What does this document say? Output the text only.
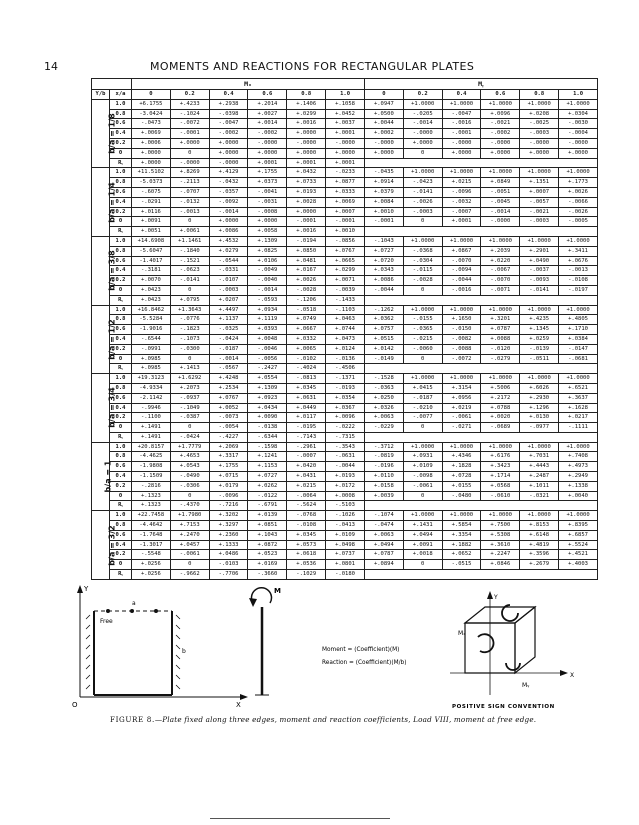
14	MOMENTS AND REACTIONS FOR RECTANGULAR PLATES
		Mₓ						Mᵧ					
Y/b	x/a	0	0.2	0.4	0.6	0.8	1.0	0	0.2	0.4	0.6	0.8	1.0
b/a = 1/8	1.0	+6.1755	+.4233	+.2938	+.2014	+.1406	+.1058	+.0947	+1.0000	+1.0000	+1.0000	+1.0000	+1.0000
	0.8	-3.0424	-.1024	-.0398	+.0027	+.0299	+.0452	+.0500	-.0205	-.0047	+.0096	+.0208	+.0304
	0.6	-.0473	-.0072	-.0047	+.0014	+.0016	+.0037	+.0044	-.0014	-.0016	-.0021	-.0025	-.0030
	0.4	+.0069	-.0001	-.0002	-.0002	+.0000	+.0001	+.0002	-.0000	-.0001	-.0002	-.0003	-.0004
	0.2	+.0006	+.0000	+.0000	-.0000	-.0000	-.0000	-.0000	+.0000	-.0000	-.0000	-.0000	-.0000
	0	+.0000	0	+.0000	+.0000	+.0000	+.0000	+.0000	0	+.0000	+.0000	+.0000	+.0000
	Rᵧ	+.0000	-.0000	-.0000	+.0001	+.0001	+.0001						
b/a = 1/4	1.0	+11.5102	+.8269	+.4129	+.1755	+.0432	-.0233	-.0435	+1.0000	+1.0000	+1.0000	+1.0000	+1.0000
	0.8	-5.0373	-.2113	-.0432	+.0373	+.0733	+.0877	+.0914	-.0423	+.0215	+.0849	+.1351	+.1773
	0.6	-.6075	-.0707	-.0357	-.0041	+.0193	+.0333	+.0379	-.0141	-.0096	-.0051	+.0007	+.0026
	0.4	-.0291	-.0132	-.0092	-.0031	+.0028	+.0069	+.0084	-.0026	-.0032	-.0045	-.0057	-.0066
	0.2	+.0116	-.0013	-.0014	-.0008	+.0000	+.0007	+.0010	-.0003	-.0007	-.0014	-.0021	-.0026
	0	+.0091	0	+.0000	+.0000	-.0001	-.0001	-.0001	0	+.0001	-.0000	-.0003	-.0005
	Rᵧ	+.0051	+.0061	+.0086	+.0058	+.0016	+.0010						
b/a = 3/8	1.0	+14.6908	+1.1461	+.4532	+.1309	-.0194	-.0856	-.1043	+1.0000	+1.0000	+1.0000	+1.0000	+1.0000
	0.8	-5.6047	-.1840	+.0279	+.0825	+.0850	+.0767	+.0727	-.0368	+.0867	+.2039	+.2901	+.3411
	0.6	-1.4017	-.1521	-.0544	+.0106	+.0481	+.0665	+.0720	-.0304	-.0070	+.0220	+.0490	+.0676
	0.4	-.3181	-.0623	-.0331	-.0049	+.0167	+.0299	+.0343	-.0115	-.0094	-.0067	-.0037	-.0013
	0.2	+.0070	-.0141	-.0107	-.0040	+.0026	+.0071	+.0086	-.0028	-.0044	-.0070	-.0093	-.0108
	0	+.0423	0	-.0003	-.0014	-.0028	-.0039	-.0044	0	-.0016	-.0071	-.0141	-.0197
	Rᵧ	+.0423	+.0795	+.0207	-.0593	-.1206	-.1433						
b/a = 1/2	1.0	+16.8462	+1.3643	+.4497	+.0934	-.0518	-.1103	-.1262	+1.0000	+1.0000	+1.0000	+1.0000	+1.0000
	0.8	-5.5284	-.0776	+.1137	+.1119	+.0749	+.0463	+.0362	-.0155	+.1650	+.3201	+.4235	+.4805
	0.6	-1.9016	-.1823	-.0325	+.0393	+.0667	+.0744	+.0757	-.0365	-.0150	+.0787	+.1345	+.1710
	0.4	-.6544	-.1073	-.0424	+.0048	+.0332	+.0473	+.0515	-.0215	-.0082	+.0088	+.0259	+.0384
	0.2	-.0991	-.0300	-.0187	-.0046	+.0065	+.0124	+.0142	-.0060	-.0088	-.0120	-.0139	-.0147
	0	+.0985	0	-.0014	-.0056	-.0102	-.0136	-.0149	0	-.0072	-.0279	-.0511	-.0681
	Rᵧ	+.0985	+.1413	-.0567	-.2427	-.4024	-.4506						
b/a = 3/4	1.0	+19.3123	+1.6292	+.4248	+.0554	-.0813	-.1371	-.1528	+1.0000	+1.0000	+1.0000	+1.0000	+1.0000
	0.8	-4.9334	+.2073	+.2534	+.1309	+.0345	-.0193	-.0363	+.0415	+.3154	+.5006	+.6026	+.6521
	0.6	-2.1142	-.0937	+.0767	+.0923	+.0631	+.0354	+.0250	-.0187	+.0956	+.2172	+.2930	+.3637
	0.4	-.9946	-.1049	+.0052	+.0434	+.0449	+.0367	+.0326	-.0210	+.0219	+.0788	+.1296	+.1628
	0.2	-.1100	-.0387	-.0073	+.0090	+.0117	+.0096	+.0063	-.0077	-.0061	+.0020	+.0130	+.0217
	0	+.1491	0	-.0054	-.0138	-.0195	-.0222	-.0229	0	-.0271	-.0689	-.0977	-.1111
	Rᵧ	+.1491	-.0424	-.4227	-.6344	-.7143	-.7315						
b/a = 1	1.0	+20.8157	+1.7779	+.2069	-.1598	-.2961	-.3543	-.3712	+1.0000	+1.0000	+1.0000	+1.0000	+1.0000
	0.8	-4.4625	+.4653	+.3317	+.1241	-.0007	-.0631	-.0819	+.0931	+.4346	+.6176	+.7031	+.7408
	0.6	-1.9808	+.0543	+.1755	+.1153	+.0420	-.0044	-.0196	+.0109	+.1828	+.3423	+.4443	+.4973
	0.4	-1.1509	-.0490	+.0715	+.0727	+.0431	+.0193	+.0110	-.0098	+.0728	+.1714	+.2487	+.2949
	0.2	-.2816	-.0306	+.0179	+.0262	+.0215	+.0172	+.0158	-.0061	+.0155	+.0568	+.1011	+.1338
	0	+.1323	0	-.0096	-.0122	-.0064	+.0008	+.0039	0	-.0480	-.0610	-.0321	+.0040
	Rᵧ	+.1323	-.4370	-.7216	-.6791	-.5624	-.5103						
b/a = 3/2	1.0	+22.7458	+1.7980	+.3202	+.0139	-.0768	-.1026	-.1074	+1.0000	+1.0000	+1.0000	+1.0000	+1.0000
	0.8	-4.4642	+.7153	+.3297	+.0851	-.0108	-.0413	-.0474	+.1431	+.5854	+.7500	+.8153	+.8395
	0.6	-1.7648	+.2470	+.2360	+.1043	+.0345	+.0109	+.0063	+.0494	+.3354	+.5308	+.6148	+.6857
	0.4	-1.3017	+.0457	+.1333	+.0872	+.0573	+.0498	+.0494	+.0091	+.1882	+.3610	+.4819	+.5524
	0.2	-.5548	-.0061	+.0486	+.0523	+.0618	+.0737	+.0787	+.0018	+.0652	+.2247	+.3596	+.4521
	0	+.0256	0	-.0103	+.0169	+.0536	+.0801	+.0894	0	-.0515	+.0846	+.2679	+.4003
	Rᵧ	+.0256	-.9662	-.7706	-.3660	-.1029	-.0180						
Y
X
O
a
Free
b
M
Moment = (Coefficient)(M)
Reaction = (Coefficient)(M/b)
Y
X
Mₓ
Mᵧ
POSITIVE SIGN CONVENTION
FIGURE 8.—Plate fixed along three edges, moment and reaction coefficients, Load VIII, moment at free edge.
